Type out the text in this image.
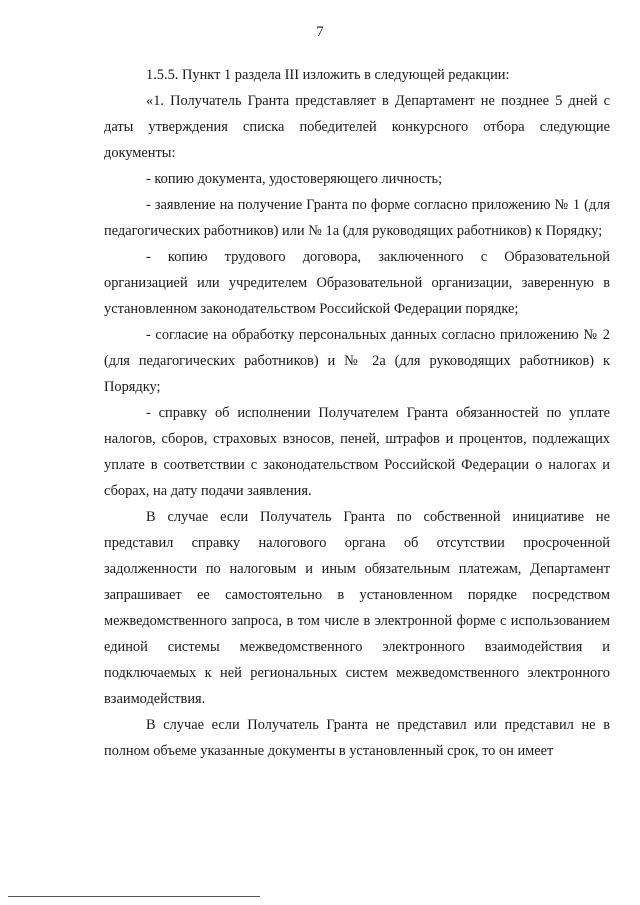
7

1.5.5. Пункт 1 раздела III изложить в следующей редакции:

«1. Получатель Гранта представляет в Департамент не позднее 5 дней с даты утверждения списка победителей конкурсного отбора следующие документы:

- копию документа, удостоверяющего личность;

- заявление на получение Гранта по форме согласно приложению № 1 (для педагогических работников) или № 1а (для руководящих работников) к Порядку;

- копию трудового договора, заключенного с Образовательной организацией или учредителем Образовательной организации, заверенную в установленном законодательством Российской Федерации порядке;

- согласие на обработку персональных данных согласно приложению № 2 (для педагогических работников) и № 2а (для руководящих работников) к Порядку;

- справку об исполнении Получателем Гранта обязанностей по уплате налогов, сборов, страховых взносов, пеней, штрафов и процентов, подлежащих уплате в соответствии с законодательством Российской Федерации о налогах и сборах, на дату подачи заявления.

В случае если Получатель Гранта по собственной инициативе не представил справку налогового органа об отсутствии просроченной задолженности по налоговым и иным обязательным платежам, Департамент запрашивает ее самостоятельно в установленном порядке посредством межведомственного запроса, в том числе в электронной форме с использованием единой системы межведомственного электронного взаимодействия и подключаемых к ней региональных систем межведомственного электронного взаимодействия.

В случае если Получатель Гранта не представил или представил не в полном объеме указанные документы в установленный срок, то он имеет
